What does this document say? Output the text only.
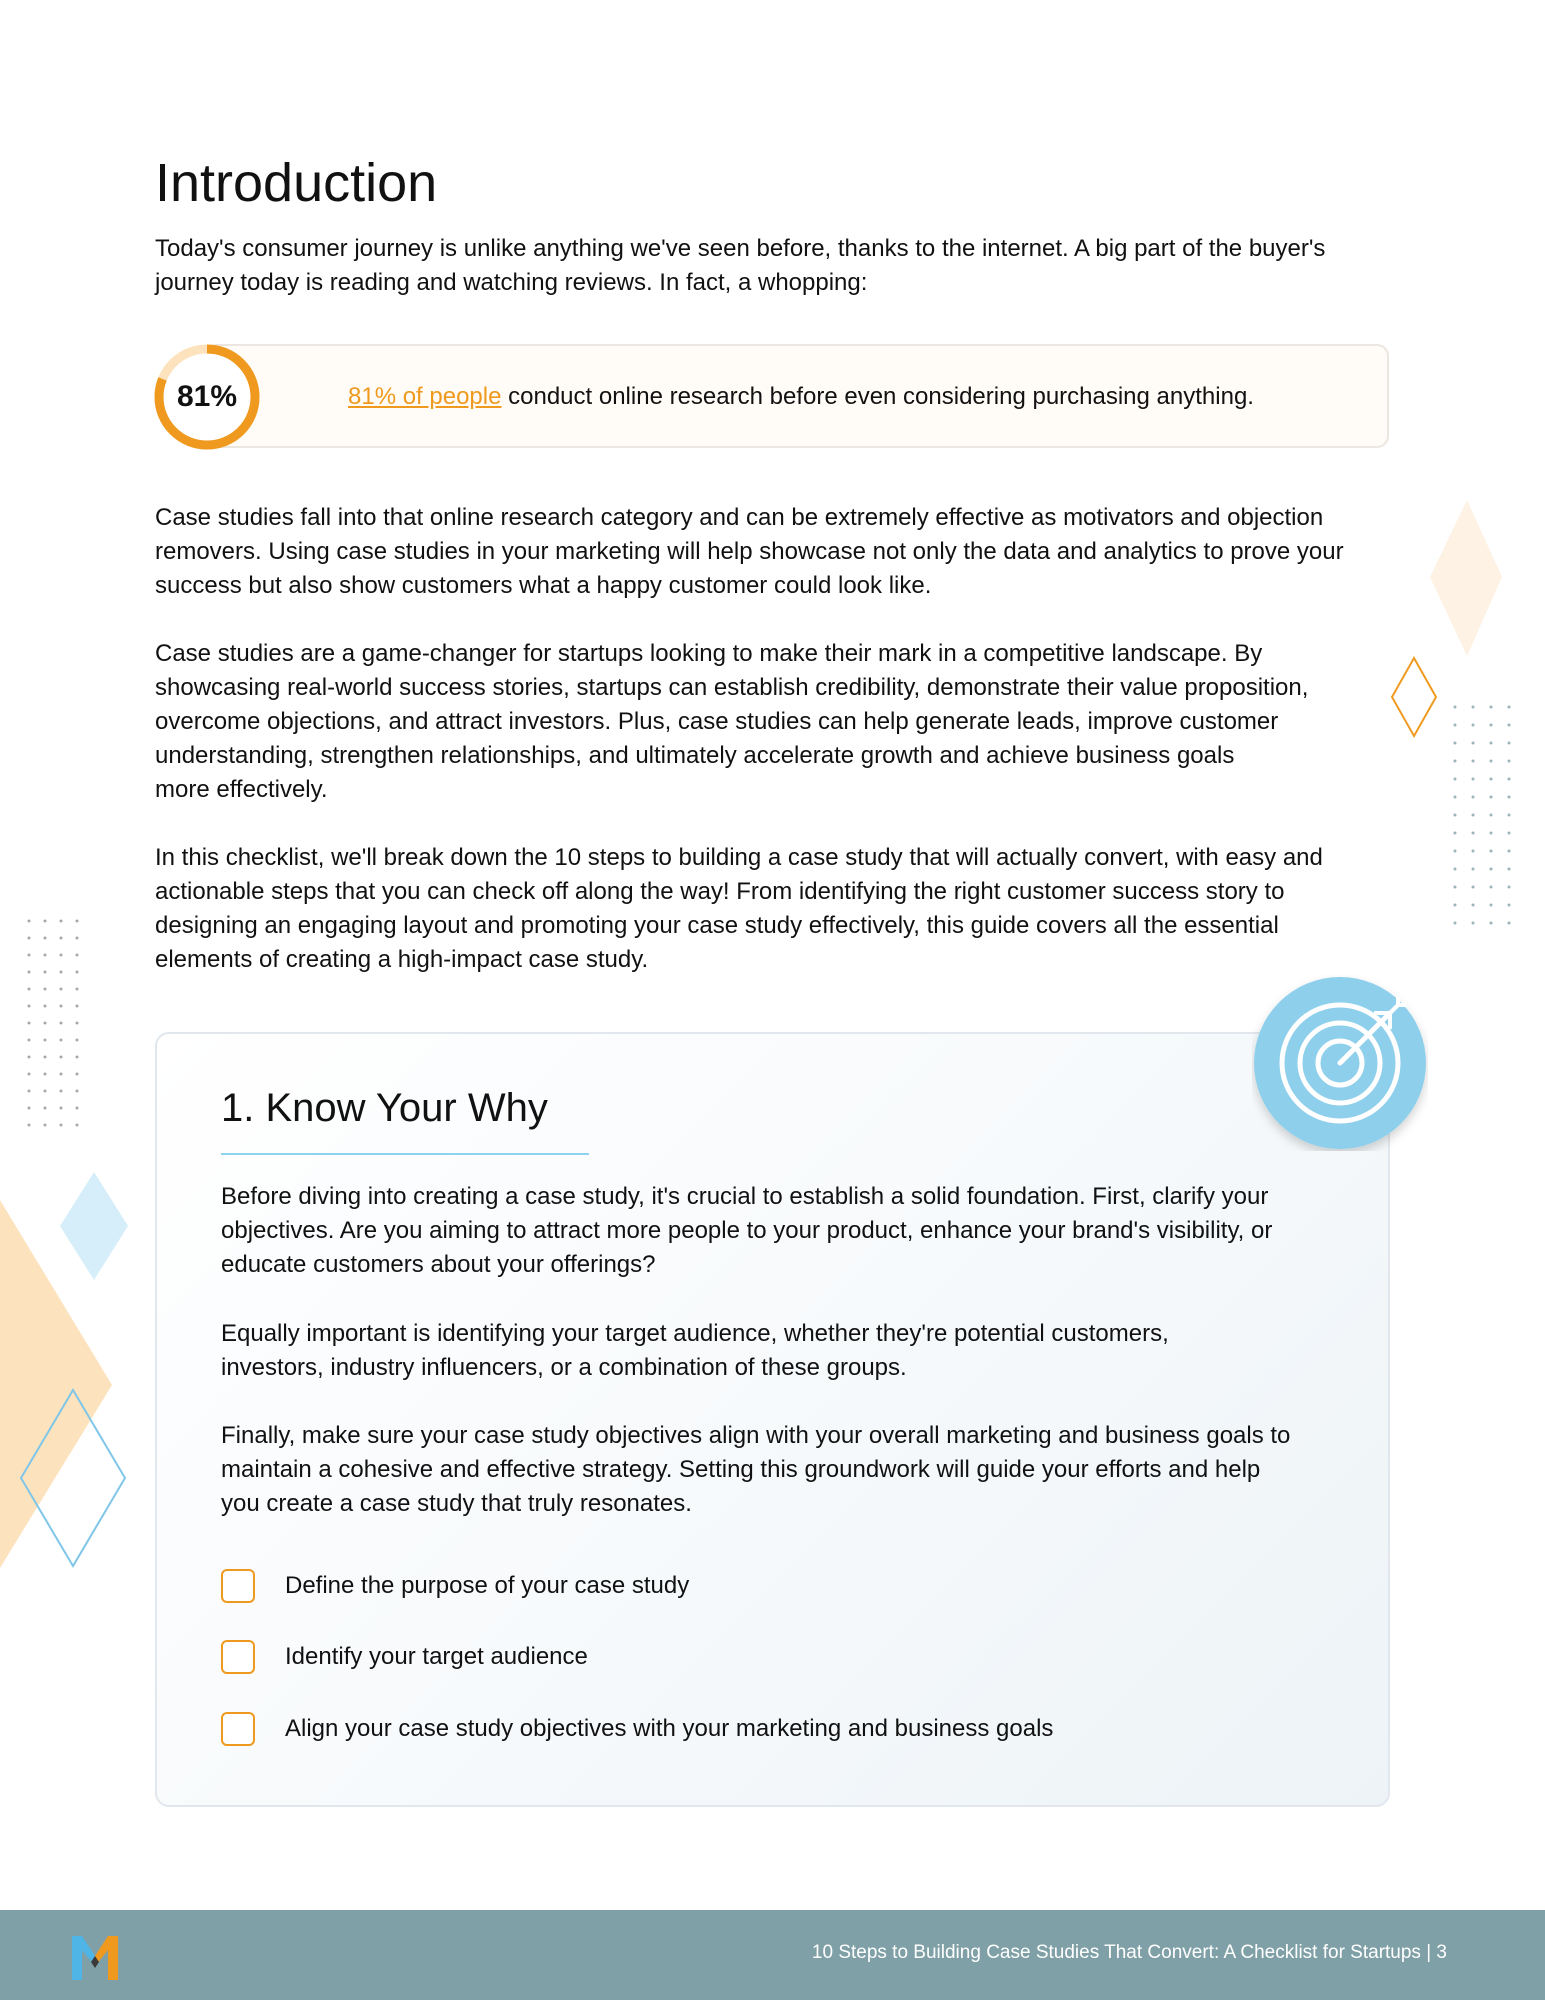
Introduction

Today's consumer journey is unlike anything we've seen before, thanks to the internet. A big part of the buyer's
journey today is reading and watching reviews. In fact, a whopping:

81%	81% of people conduct online research before even considering purchasing anything.

Case studies fall into that online research category and can be extremely effective as motivators and objection
removers. Using case studies in your marketing will help showcase not only the data and analytics to prove your
success but also show customers what a happy customer could look like.

Case studies are a game-changer for startups looking to make their mark in a competitive landscape. By
showcasing real-world success stories, startups can establish credibility, demonstrate their value proposition,
overcome objections, and attract investors. Plus, case studies can help generate leads, improve customer
understanding, strengthen relationships, and ultimately accelerate growth and achieve business goals
more effectively.

In this checklist, we'll break down the 10 steps to building a case study that will actually convert, with easy and
actionable steps that you can check off along the way! From identifying the right customer success story to
designing an engaging layout and promoting your case study effectively, this guide covers all the essential
elements of creating a high-impact case study.

1. Know Your Why

Before diving into creating a case study, it's crucial to establish a solid foundation. First, clarify your
objectives. Are you aiming to attract more people to your product, enhance your brand's visibility, or
educate customers about your offerings?

Equally important is identifying your target audience, whether they're potential customers,
investors, industry influencers, or a combination of these groups.

Finally, make sure your case study objectives align with your overall marketing and business goals to
maintain a cohesive and effective strategy. Setting this groundwork will guide your efforts and help
you create a case study that truly resonates.

Define the purpose of your case study
Identify your target audience
Align your case study objectives with your marketing and business goals
10 Steps to Building Case Studies That Convert: A Checklist for Startups | 3
